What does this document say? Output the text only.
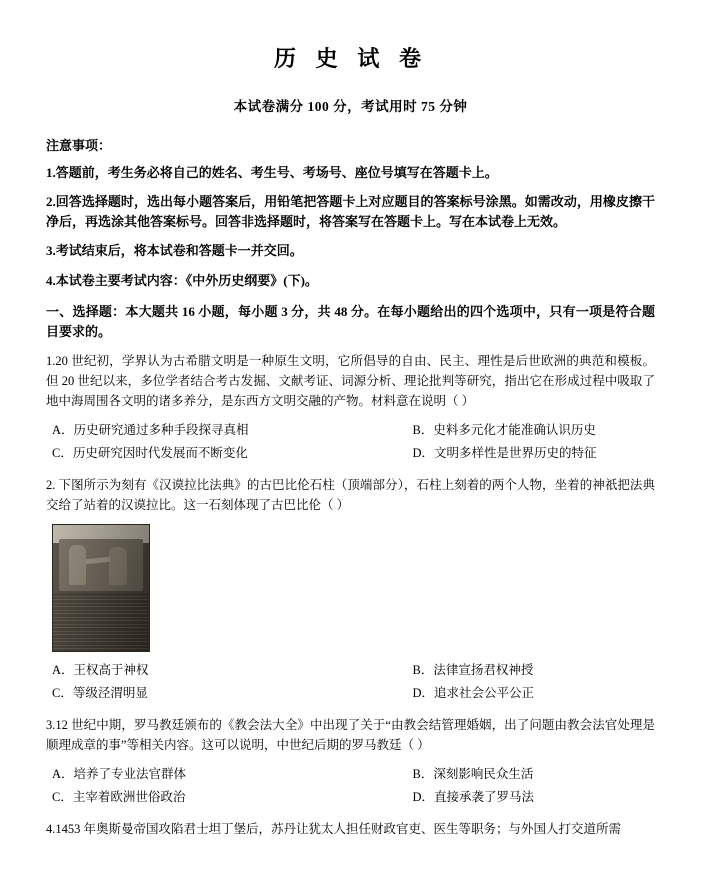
历 史 试 卷
本试卷满分 100 分，考试用时 75 分钟
注意事项：

1.答题前，考生务必将自己的姓名、考生号、考场号、座位号填写在答题卡上。

2.回答选择题时，选出每小题答案后，用铅笔把答题卡上对应题目的答案标号涂黑。如需改动，用橡皮擦干净后，再选涂其他答案标号。回答非选择题时，将答案写在答题卡上。写在本试卷上无效。

3.考试结束后，将本试卷和答题卡一并交回。

4.本试卷主要考试内容：《中外历史纲要》(下)。

一、选择题：本大题共 16 小题，每小题 3 分，共 48 分。在每小题给出的四个选项中，只有一项是符合题目要求的。

1.20 世纪初，学界认为古希腊文明是一种原生文明，它所倡导的自由、民主、理性是后世欧洲的典范和模板。但 20 世纪以来，多位学者结合考古发掘、文献考证、词源分析、理论批判等研究，指出它在形成过程中吸取了地中海周围各文明的诸多养分，是东西方文明交融的产物。材料意在说明（ ）

A．历史研究通过多种手段探寻真相	B．史料多元化才能准确认识历史
C．历史研究因时代发展而不断变化	D．文明多样性是世界历史的特征

2. 下图所示为刻有《汉谟拉比法典》的古巴比伦石柱（顶端部分），石柱上刻着的两个人物，坐着的神祇把法典交给了站着的汉谟拉比。这一石刻体现了古巴比伦（ ）

A．王权高于神权	B．法律宣扬君权神授
C．等级泾渭明显	D．追求社会公平公正

3.12 世纪中期，罗马教廷颁布的《教会法大全》中出现了关于“由教会结管理婚姻，出了问题由教会法官处理是顺理成章的事”等相关内容。这可以说明，中世纪后期的罗马教廷（ ）

A．培养了专业法官群体	B．深刻影响民众生活
C．主宰着欧洲世俗政治	D．直接承袭了罗马法

4.1453 年奥斯曼帝国攻陷君士坦丁堡后，苏丹让犹太人担任财政官吏、医生等职务；与外国人打交道所需
